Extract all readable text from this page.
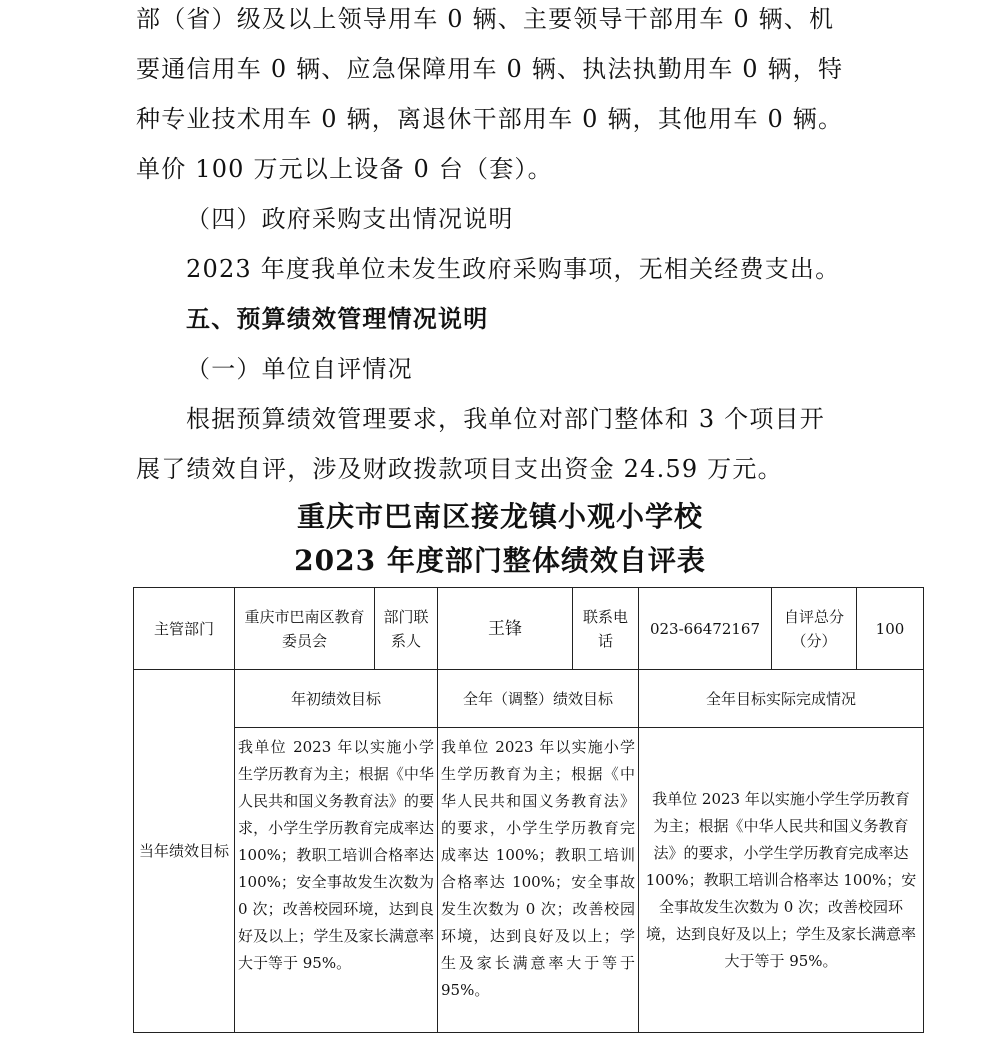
部（省）级及以上领导用车 0 辆、主要领导干部用车 0 辆、机
要通信用车 0 辆、应急保障用车 0 辆、执法执勤用车 0 辆，特
种专业技术用车 0 辆，离退休干部用车 0 辆，其他用车 0 辆。
单价 100 万元以上设备 0 台（套）。
（四）政府采购支出情况说明
2023 年度我单位未发生政府采购事项，无相关经费支出。
五、预算绩效管理情况说明
（一）单位自评情况
根据预算绩效管理要求，我单位对部门整体和 3 个项目开
展了绩效自评，涉及财政拨款项目支出资金 24.59 万元。
重庆市巴南区接龙镇小观小学校
2023 年度部门整体绩效自评表
主管部门	重庆市巴南区教育委员会	部门联系人	王锋	联系电话	023-66472167	自评总分（分）	100

当年绩效目标	年初绩效目标		全年（调整）绩效目标		全年目标实际完成情况		

	我单位 2023 年以实施小学生学历教育为主；根据《中华人民共和国义务教育法》的要求，小学生学历教育完成率达 100%；教职工培训合格率达 100%；安全事故发生次数为 0 次；改善校园环境，达到良好及以上；学生及家长满意率大于等于 95%。		我单位 2023 年以实施小学生学历教育为主；根据《中华人民共和国义务教育法》的要求，小学生学历教育完成率达 100%；教职工培训合格率达 100%；安全事故发生次数为 0 次；改善校园环境，达到良好及以上；学生及家长满意率大于等于 95%。		我单位 2023 年以实施小学生学历教育为主；根据《中华人民共和国义务教育法》的要求，小学生学历教育完成率达 100%；教职工培训合格率达 100%；安全事故发生次数为 0 次；改善校园环境，达到良好及以上；学生及家长满意率大于等于 95%。		
